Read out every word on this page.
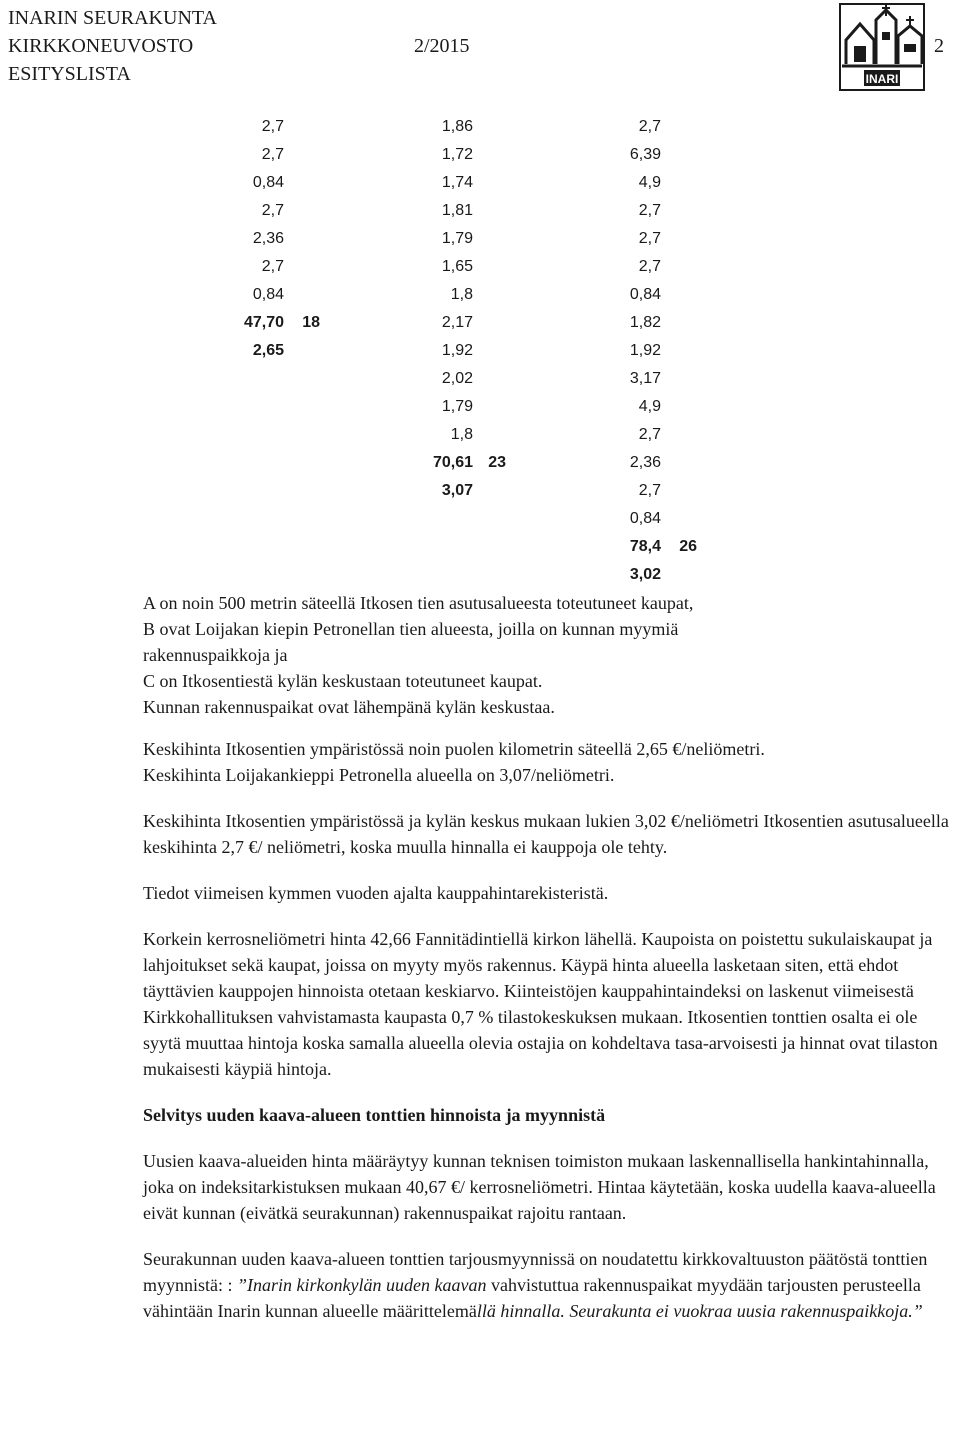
INARIN SEURAKUNTA
KIRKKONEUVOSTO	2/2015
ESITYSLISTA	INARI
2
2,7
2,7
0,84
2,7
2,36
2,7
0,84
47,70 18
2,65
1,86
1,72
1,74
1,81
1,79
1,65
1,8
2,17
1,92
2,02
1,79
1,8
70,61 23
3,07
2,7
6,39
4,9
2,7
2,7
2,7
0,84
1,82
1,92
3,17
4,9
2,7
2,36
2,7
0,84
78,4 26
3,02

A on noin 500 metrin säteellä Itkosen tien asutusalueesta toteutuneet kaupat,

B ovat Loijakan kiepin Petronellan tien alueesta, joilla on kunnan myymiä

rakennuspaikkoja ja

C on Itkosentiestä kylän keskustaan toteutuneet kaupat.

Kunnan rakennuspaikat ovat lähempänä kylän keskustaa.

Keskihinta Itkosentien ympäristössä noin puolen kilometrin säteellä 2,65 €/neliömetri.

Keskihinta Loijakankieppi Petronella alueella on 3,07/neliömetri.

Keskihinta Itkosentien ympäristössä ja kylän keskus mukaan lukien 3,02 €/neliömetri Itkosentien asutusalueella keskihinta 2,7 €/ neliömetri, koska muulla hinnalla ei kauppoja ole tehty.

Tiedot viimeisen kymmen vuoden ajalta kauppahintarekisteristä.

Korkein kerrosneliömetri hinta 42,66 Fannitädintiellä kirkon lähellä. Kaupoista on poistettu sukulaiskaupat ja lahjoitukset sekä kaupat, joissa on myyty myös rakennus. Käypä hinta alueella lasketaan siten, että ehdot täyttävien kauppojen hinnoista otetaan keskiarvo. Kiinteistöjen kauppahintaindeksi on laskenut viimeisestä Kirkkohallituksen vahvistamasta kaupasta 0,7 % tilastokeskuksen mukaan. Itkosentien tonttien osalta ei ole syytä muuttaa hintoja koska samalla alueella olevia ostajia on kohdeltava tasa-arvoisesti ja hinnat ovat tilaston mukaisesti käypiä hintoja.

Selvitys uuden kaava-alueen tonttien hinnoista ja myynnistä

Uusien kaava-alueiden hinta määräytyy kunnan teknisen toimiston mukaan laskennallisella hankintahinnalla, joka on indeksitarkistuksen mukaan 40,67 €/ kerrosneliömetri. Hintaa käytetään, koska uudella kaava-alueella eivät kunnan (eivätkä seurakunnan) rakennuspaikat rajoitu rantaan.

Seurakunnan uuden kaava-alueen tonttien tarjousmyynnissä on noudatettu kirkkovaltuuston päätöstä tonttien myynnistä: : ”Inarin kirkonkylän uuden kaavan vahvistuttua rakennuspaikat myydään tarjousten perusteella vähintään Inarin kunnan alueelle määrittelemällä hinnalla. Seurakunta ei vuokraa uusia rakennuspaikkoja.”
